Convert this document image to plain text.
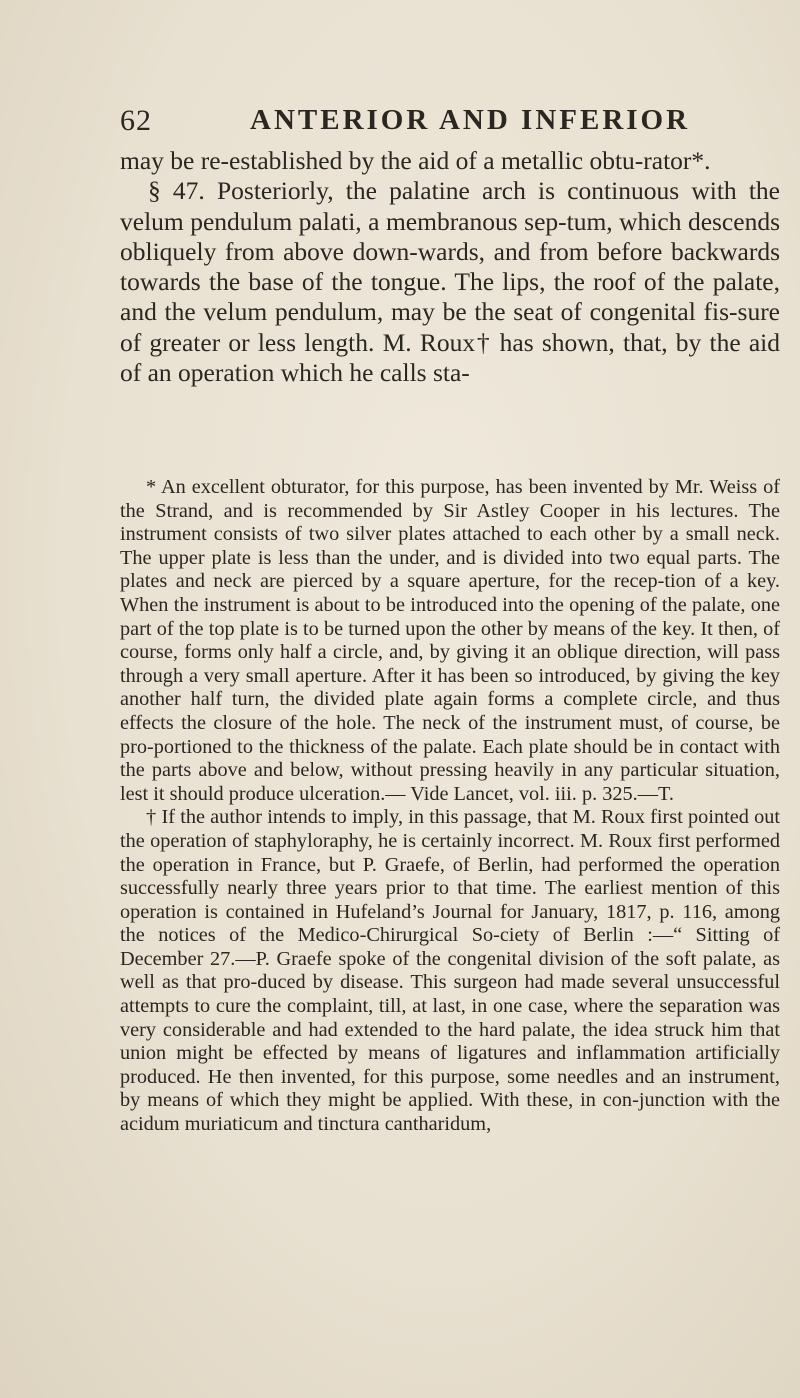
62	ANTERIOR AND INFERIOR

may be re-established by the aid of a metallic obtu-rator*.

§ 47. Posteriorly, the palatine arch is continuous with the velum pendulum palati, a membranous sep-tum, which descends obliquely from above down-wards, and from before backwards towards the base of the tongue. The lips, the roof of the palate, and the velum pendulum, may be the seat of congenital fis-sure of greater or less length. M. Roux† has shown, that, by the aid of an operation which he calls sta-

* An excellent obturator, for this purpose, has been invented by Mr. Weiss of the Strand, and is recommended by Sir Astley Cooper in his lectures. The instrument consists of two silver plates attached to each other by a small neck. The upper plate is less than the under, and is divided into two equal parts. The plates and neck are pierced by a square aperture, for the recep-tion of a key. When the instrument is about to be introduced into the opening of the palate, one part of the top plate is to be turned upon the other by means of the key. It then, of course, forms only half a circle, and, by giving it an oblique direction, will pass through a very small aperture. After it has been so introduced, by giving the key another half turn, the divided plate again forms a complete circle, and thus effects the closure of the hole. The neck of the instrument must, of course, be pro-portioned to the thickness of the palate. Each plate should be in contact with the parts above and below, without pressing heavily in any particular situation, lest it should produce ulceration.— Vide Lancet, vol. iii. p. 325.—T.

† If the author intends to imply, in this passage, that M. Roux first pointed out the operation of staphyloraphy, he is certainly incorrect. M. Roux first performed the operation in France, but P. Graefe, of Berlin, had performed the operation successfully nearly three years prior to that time. The earliest mention of this operation is contained in Hufeland’s Journal for January, 1817, p. 116, among the notices of the Medico-Chirurgical So-ciety of Berlin :—“ Sitting of December 27.—P. Graefe spoke of the congenital division of the soft palate, as well as that pro-duced by disease. This surgeon had made several unsuccessful attempts to cure the complaint, till, at last, in one case, where the separation was very considerable and had extended to the hard palate, the idea struck him that union might be effected by means of ligatures and inflammation artificially produced. He then invented, for this purpose, some needles and an instrument, by means of which they might be applied. With these, in con-junction with the acidum muriaticum and tinctura cantharidum,
